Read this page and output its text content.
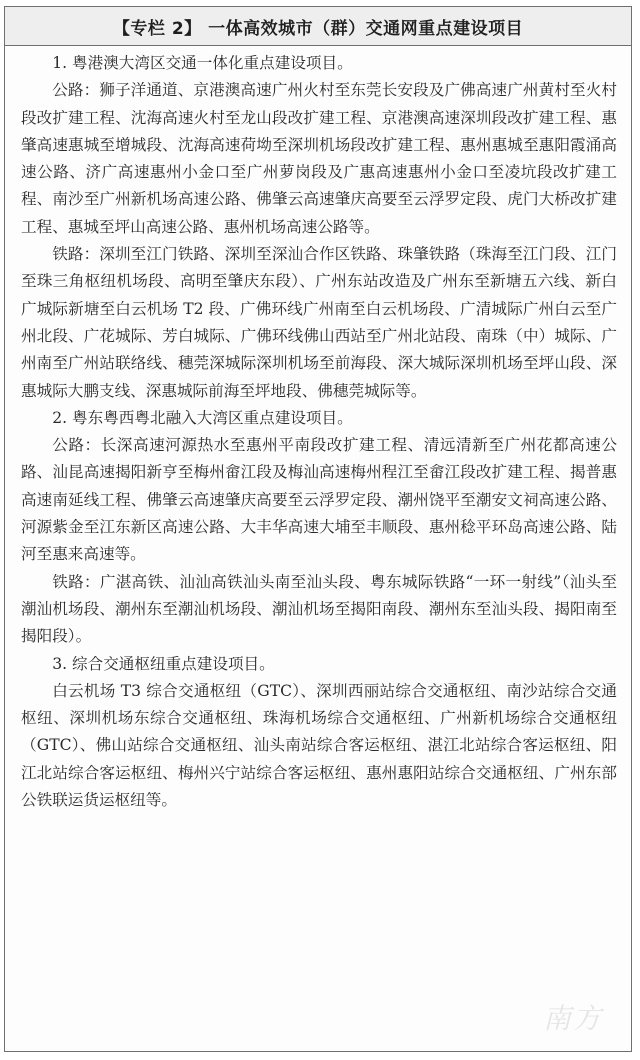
【专栏 2】 一体高效城市（群）交通网重点建设项目

1. 粤港澳大湾区交通一体化重点建设项目。

公路：狮子洋通道、京港澳高速广州火村至东莞长安段及广佛高速广州黄村至火村段改扩建工程、沈海高速火村至龙山段改扩建工程、京港澳高速深圳段改扩建工程、惠肇高速惠城至增城段、沈海高速荷坳至深圳机场段改扩建工程、惠州惠城至惠阳霞涌高速公路、济广高速惠州小金口至广州萝岗段及广惠高速惠州小金口至凌坑段改扩建工程、南沙至广州新机场高速公路、佛肇云高速肇庆高要至云浮罗定段、虎门大桥改扩建工程、惠城至坪山高速公路、惠州机场高速公路等。

铁路：深圳至江门铁路、深圳至深汕合作区铁路、珠肇铁路（珠海至江门段、江门至珠三角枢纽机场段、高明至肇庆东段）、广州东站改造及广州东至新塘五六线、新白广城际新塘至白云机场 T2 段、广佛环线广州南至白云机场段、广清城际广州白云至广州北段、广花城际、芳白城际、广佛环线佛山西站至广州北站段、南珠（中）城际、广州南至广州站联络线、穗莞深城际深圳机场至前海段、深大城际深圳机场至坪山段、深惠城际大鹏支线、深惠城际前海至坪地段、佛穗莞城际等。

2. 粤东粤西粤北融入大湾区重点建设项目。

公路：长深高速河源热水至惠州平南段改扩建工程、清远清新至广州花都高速公路、汕昆高速揭阳新亨至梅州畲江段及梅汕高速梅州程江至畲江段改扩建工程、揭普惠高速南延线工程、佛肇云高速肇庆高要至云浮罗定段、潮州饶平至潮安文祠高速公路、河源紫金至江东新区高速公路、大丰华高速大埔至丰顺段、惠州稔平环岛高速公路、陆河至惠来高速等。

铁路：广湛高铁、汕汕高铁汕头南至汕头段、粤东城际铁路“一环一射线”（汕头至潮汕机场段、潮州东至潮汕机场段、潮汕机场至揭阳南段、潮州东至汕头段、揭阳南至揭阳段）。

3. 综合交通枢纽重点建设项目。

白云机场 T3 综合交通枢纽（GTC）、深圳西丽站综合交通枢纽、南沙站综合交通枢纽、深圳机场东综合交通枢纽、珠海机场综合交通枢纽、广州新机场综合交通枢纽（GTC）、佛山站综合交通枢纽、汕头南站综合客运枢纽、湛江北站综合客运枢纽、阳江北站综合客运枢纽、梅州兴宁站综合客运枢纽、惠州惠阳站综合交通枢纽、广州东部公铁联运货运枢纽等。

南方
